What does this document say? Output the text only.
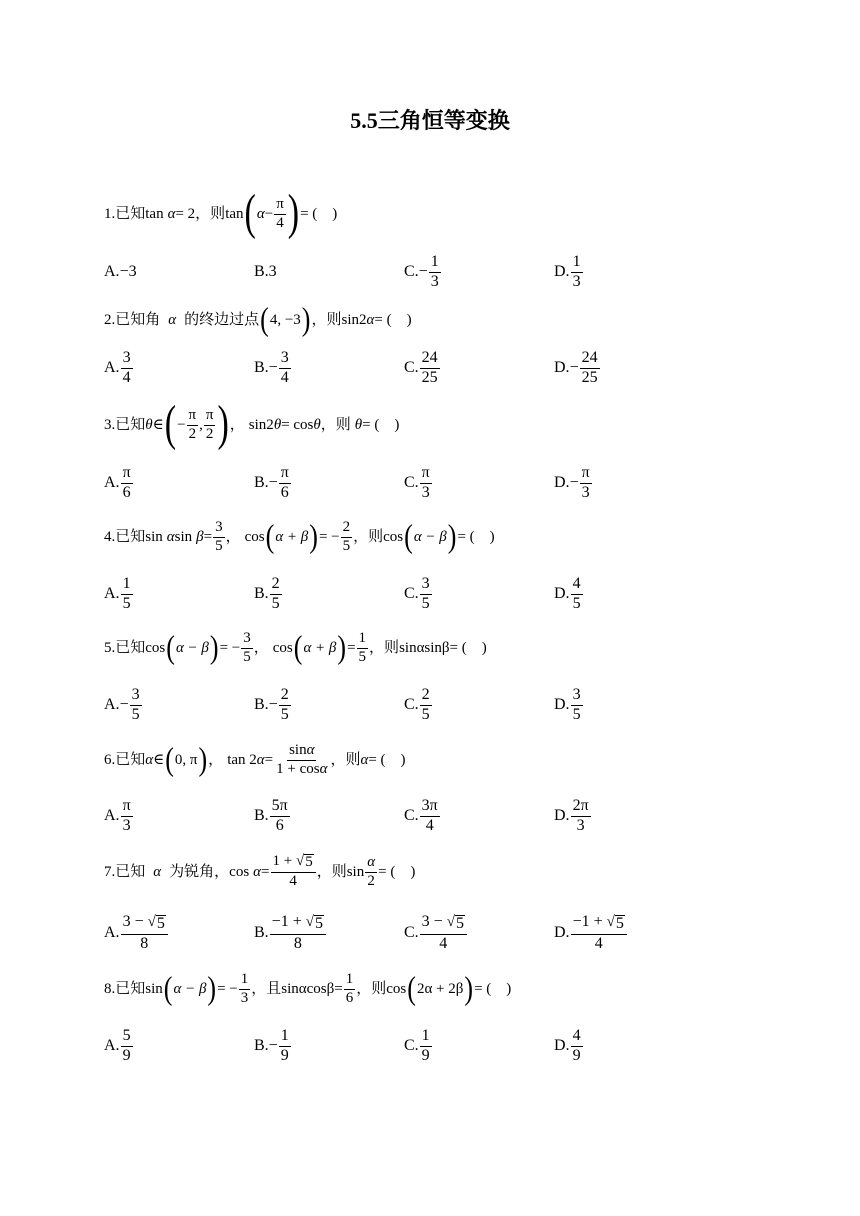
5.5三角恒等变换
1.已知 tan α = 2，则 tan ( $\alpha - \frac{\pi}{4}$ ) = (　)
A. − 3	B. 3	C. − $\frac{1}{3}$	D. $\frac{1}{3}$
2.已知角 α 的终边过点 ( 4, −3 ) ，则 sin2 α = (　)
A. $\frac{3}{4}$	B. − $\frac{3}{4}$	C. $\frac{24}{25}$	D. − $\frac{24}{25}$
3.已知 θ ∈ ( − $\frac{\pi}{2}$ , $\frac{\pi}{2}$ ) ， sin2 θ = cos θ ，则 θ = (　)
A. $\frac{\pi}{6}$	B. − $\frac{\pi}{6}$	C. $\frac{\pi}{3}$	D. − $\frac{\pi}{3}$
4.已知 sin α $\sin \beta = \frac{3}{5}$ ， cos ( α + β ) = − $\frac{2}{5}$ ，则 cos ( α − β ) = (　)
A. $\frac{1}{5}$	B. $\frac{2}{5}$	C. $\frac{3}{5}$	D. $\frac{4}{5}$
5.已知 cos ( α − β ) = − $\frac{3}{5}$ ， cos ( α + β ) = $\frac{1}{5}$ ，则 sinαsinβ = (　)
A. − $\frac{3}{5}$	B. − $\frac{2}{5}$	C. $\frac{2}{5}$	D. $\frac{3}{5}$
6.已知 α ∈ ( 0, π ) ， tan 2 $\alpha = \frac{\sin\alpha}{1 + \cos\alpha}$ ，则 α = (　)
A. $\frac{\pi}{3}$	B. $\frac{5\pi}{6}$	C. $\frac{3\pi}{4}$	D. $\frac{2\pi}{3}$
7.已知 α 为锐角， $\cos \alpha = \frac{1 + √ 5}{4}$ ，则 $\sin \frac{\alpha}{2}$ = (　)
A. $\frac{3 - √ 5}{8}$	B. $\frac{-1 + √ 5}{8}$	C. $\frac{3 - √ 5}{4}$	D. $\frac{-1 + √ 5}{4}$
8.已知 sin ( α − β ) = − $\frac{1}{3}$ ，且 $\sin\alpha\cos\beta = \frac{1}{6}$ ，则 cos ( 2α + 2β ) = (　)
A. $\frac{5}{9}$	B. − $\frac{1}{9}$	C. $\frac{1}{9}$	D. $\frac{4}{9}$
